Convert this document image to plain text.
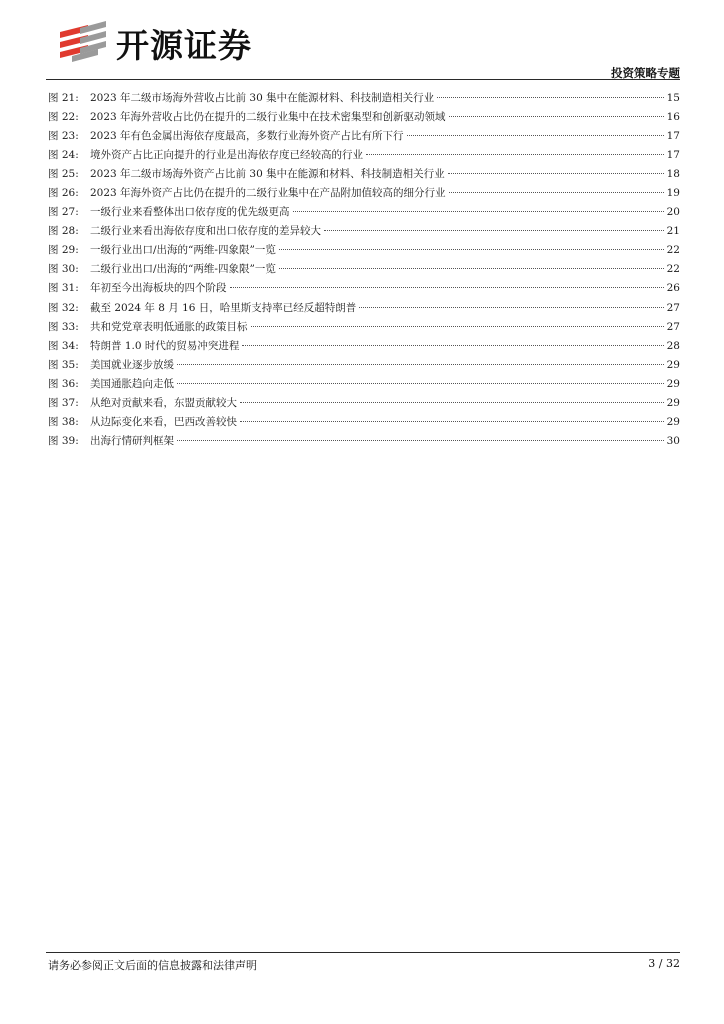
开源证券
投资策略专题
图 21:	2023 年二级市场海外营收占比前 30 集中在能源材料、科技制造相关行业	15
图 22:	2023 年海外营收占比仍在提升的二级行业集中在技术密集型和创新驱动领域	16
图 23:	2023 年有色金属出海依存度最高，多数行业海外资产占比有所下行	17
图 24:	境外资产占比正向提升的行业是出海依存度已经较高的行业	17
图 25:	2023 年二级市场海外资产占比前 30 集中在能源和材料、科技制造相关行业	18
图 26:	2023 年海外资产占比仍在提升的二级行业集中在产品附加值较高的细分行业	19
图 27:	一级行业来看整体出口依存度的优先级更高	20
图 28:	二级行业来看出海依存度和出口依存度的差异较大	21
图 29:	一级行业出口/出海的“两维-四象限”一览	22
图 30:	二级行业出口/出海的“两维-四象限”一览	22
图 31:	年初至今出海板块的四个阶段	26
图 32:	截至 2024 年 8 月 16 日，哈里斯支持率已经反超特朗普	27
图 33:	共和党党章表明低通胀的政策目标	27
图 34:	特朗普 1.0 时代的贸易冲突进程	28
图 35:	美国就业逐步放缓	29
图 36:	美国通胀趋向走低	29
图 37:	从绝对贡献来看，东盟贡献较大	29
图 38:	从边际变化来看，巴西改善较快	29
图 39:	出海行情研判框架	30
请务必参阅正文后面的信息披露和法律声明	3 / 32
